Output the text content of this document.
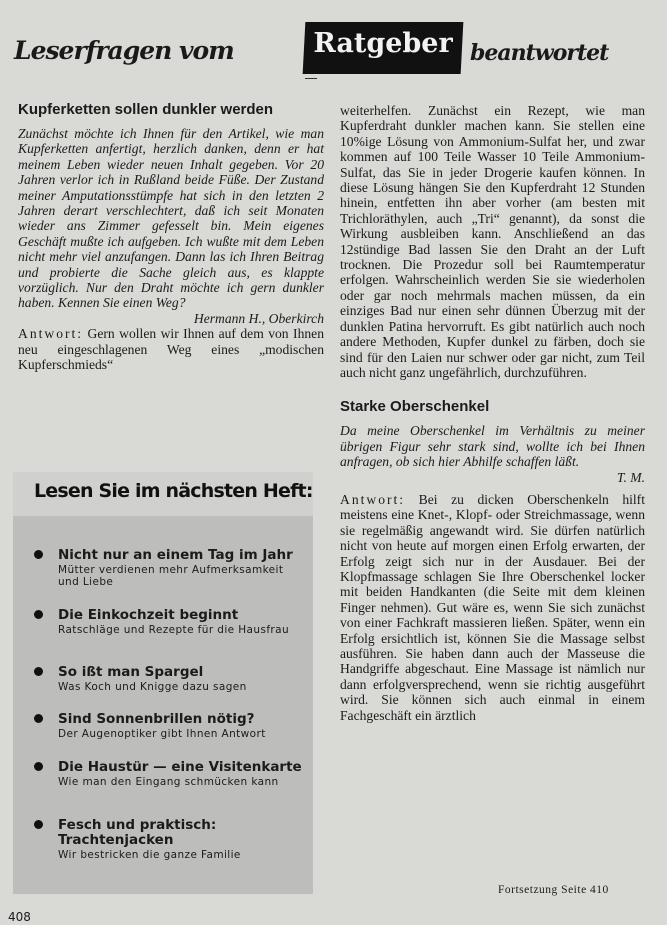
Leserfragen vom	Ratgeber beantwortet
Kupferketten sollen dunkler werden

Zunächst möchte ich Ihnen für den Artikel, wie man Kupferketten anfertigt, herzlich danken, denn er hat meinem Leben wieder neuen Inhalt gegeben. Vor 20 Jahren verlor ich in Rußland beide Füße. Der Zustand meiner Amputationsstümpfe hat sich in den letzten 2 Jahren derart verschlechtert, daß ich seit Monaten wieder ans Zimmer gefesselt bin. Mein eigenes Geschäft mußte ich aufgeben. Ich wußte mit dem Leben nicht mehr viel anzufangen. Dann las ich Ihren Beitrag und probierte die Sache gleich aus, es klappte vorzüglich. Nur den Draht möchte ich gern dunkler haben. Kennen Sie einen Weg?
Hermann H., Oberkirch

Antwort: Gern wollen wir Ihnen auf dem von Ihnen neu eingeschlagenen Weg eines „modischen Kupferschmieds“

Lesen Sie im nächsten Heft:
Nicht nur an einem Tag im Jahr
Mütter verdienen mehr Aufmerksamkeit und Liebe
Die Einkochzeit beginnt
Ratschläge und Rezepte für die Hausfrau
So ißt man Spargel
Was Koch und Knigge dazu sagen
Sind Sonnenbrillen nötig?
Der Augenoptiker gibt Ihnen Antwort
Die Haustür — eine Visitenkarte
Wie man den Eingang schmücken kann
Fesch und praktisch: Trachtenjacken
Wir bestricken die ganze Familie

weiterhelfen. Zunächst ein Rezept, wie man Kupferdraht dunkler machen kann. Sie stellen eine 10%ige Lösung von Ammonium-Sulfat her, und zwar kommen auf 100 Teile Wasser 10 Teile Ammonium-Sulfat, das Sie in jeder Drogerie kaufen können. In diese Lösung hängen Sie den Kupferdraht 12 Stunden hinein, entfetten ihn aber vorher (am besten mit Trichloräthylen, auch „Tri“ genannt), da sonst die Wirkung ausbleiben kann. Anschließend an das 12stündige Bad lassen Sie den Draht an der Luft trocknen. Die Prozedur soll bei Raumtemperatur erfolgen. Wahrscheinlich werden Sie sie wiederholen oder gar noch mehrmals machen müssen, da ein einziges Bad nur einen sehr dünnen Überzug mit der dunklen Patina hervorruft. Es gibt natürlich auch noch andere Methoden, Kupfer dunkel zu färben, doch sie sind für den Laien nur schwer oder gar nicht, zum Teil auch nicht ganz ungefährlich, durchzuführen.

Starke Oberschenkel

Da meine Oberschenkel im Verhältnis zu meiner übrigen Figur sehr stark sind, wollte ich bei Ihnen anfragen, ob sich hier Abhilfe schaffen läßt.
T. M.

Antwort: Bei zu dicken Oberschenkeln hilft meistens eine Knet-, Klopf- oder Streichmassage, wenn sie regelmäßig angewandt wird. Sie dürfen natürlich nicht von heute auf morgen einen Erfolg erwarten, der Erfolg zeigt sich nur in der Ausdauer. Bei der Klopfmassage schlagen Sie Ihre Oberschenkel locker mit beiden Handkanten (die Seite mit dem kleinen Finger nehmen). Gut wäre es, wenn Sie sich zunächst von einer Fachkraft massieren ließen. Später, wenn ein Erfolg ersichtlich ist, können Sie die Massage selbst ausführen. Sie haben dann auch der Masseuse die Handgriffe abgeschaut. Eine Massage ist nämlich nur dann erfolgversprechend, wenn sie richtig ausgeführt wird. Sie können sich auch einmal in einem Fachgeschäft ein ärztlich

Fortsetzung Seite 410
408
